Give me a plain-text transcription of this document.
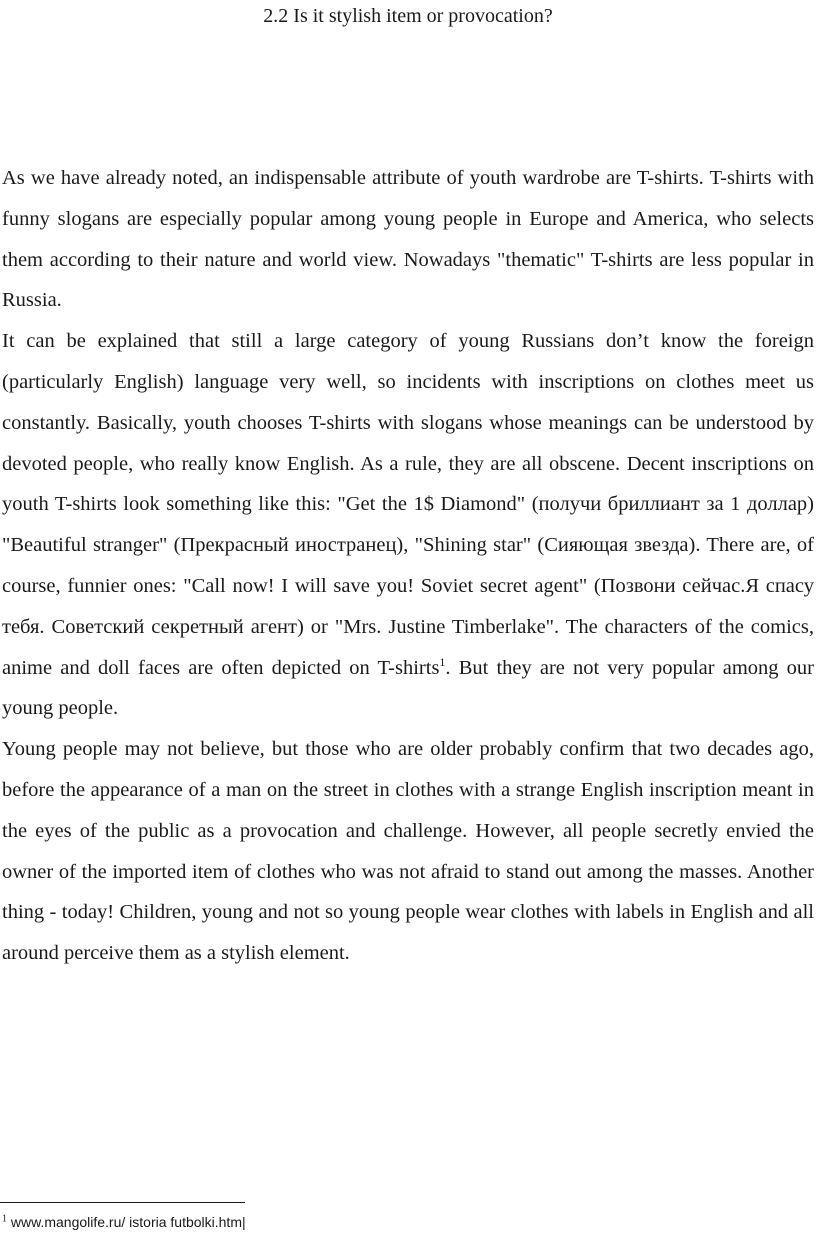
2.2 Is it stylish item or provocation?

As we have already noted, an indispensable attribute of youth wardrobe are T-shirts. T-shirts with funny slogans are especially popular among young people in Europe and America, who selects them according to their nature and world view. Nowadays "thematic" T-shirts are less popular in Russia.

It can be explained that still a large category of young Russians don’t know the foreign (particularly English) language very well, so incidents with inscriptions on clothes meet us constantly. Basically, youth chooses T-shirts with slogans whose meanings can be understood by devoted people, who really know English. As a rule, they are all obscene. Decent inscriptions on youth T-shirts look something like this: "Get the 1$ Diamond" (получи бриллиант за 1 доллар) "Beautiful stranger" (Прекрасный иностранец), "Shining star" (Сияющая звезда). There are, of course, funnier ones: "Call now! I will save you! Soviet secret agent" (Позвони сейчас.Я спасу тебя. Советский секретный агент) or "Mrs. Justine Timberlake". The characters of the comics, anime and doll faces are often depicted on T-shirts$^1$. But they are not very popular among our young people.

Young people may not believe, but those who are older probably confirm that two decades ago, before the appearance of a man on the street in clothes with a strange English inscription meant in the eyes of the public as a provocation and challenge. However, all people secretly envied the owner of the imported item of clothes who was not afraid to stand out among the masses. Another thing - today! Children, young and not so young people wear clothes with labels in English and all around perceive them as a stylish element.

$^1$ www.mangolife.ru/ istoria futbolki.htm|
